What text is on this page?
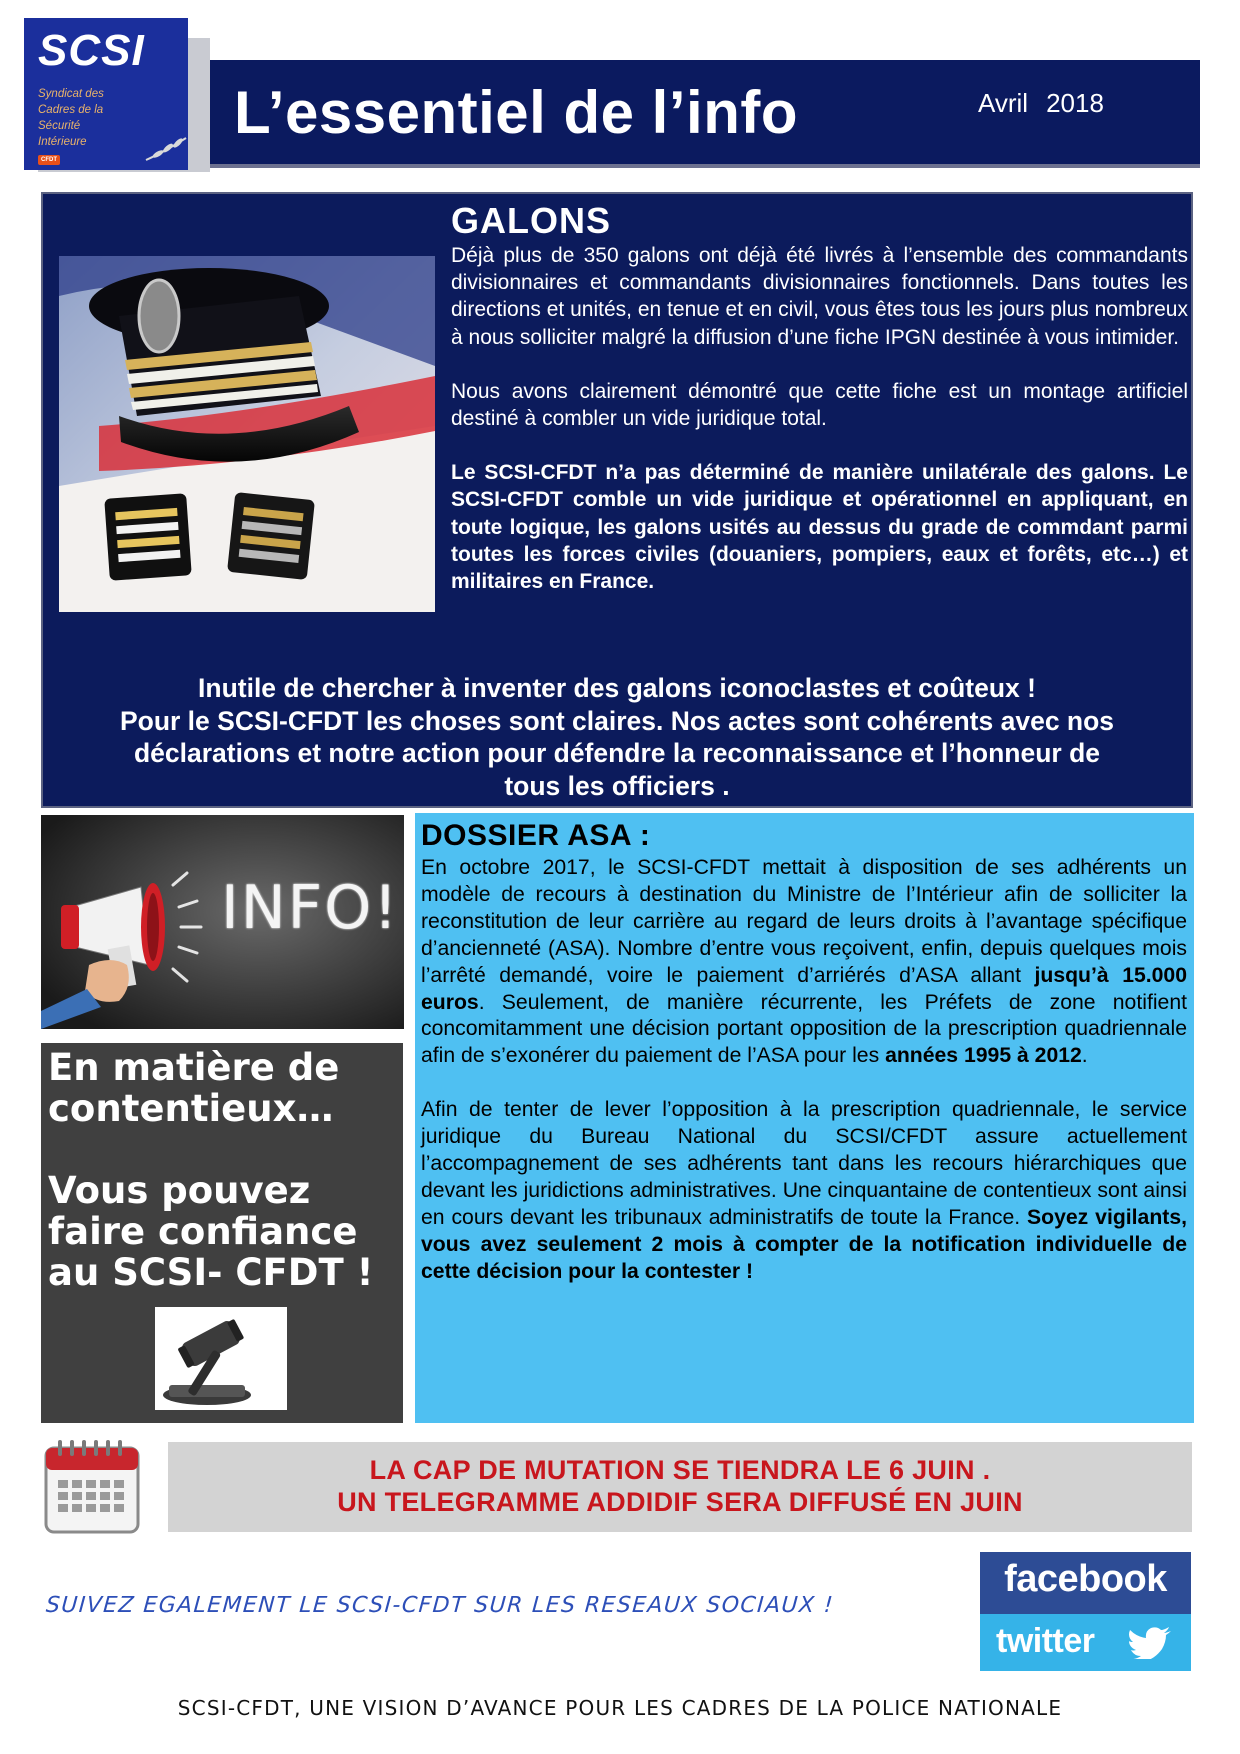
SCSI
Syndicat des
Cadres de la
Sécurité
Intérieure
CFDT
L’essentiel de l’info	Avril 2018
GALONS

Déjà plus de 350 galons ont déjà été livrés à l’ensemble des commandants divisionnaires et commandants divisionnaires fonctionnels. Dans toutes les directions et unités, en tenue et en civil, vous êtes tous les jours plus nombreux à nous solliciter malgré la diffusion d’une fiche IPGN destinée à vous intimider.

Nous avons clairement démontré que cette fiche est un montage artificiel destiné à combler un vide juridique total.

Le SCSI-CFDT n’a pas déterminé de manière unilatérale des galons. Le SCSI-CFDT comble un vide juridique et opérationnel en appliquant, en toute logique, les galons usités au dessus du grade de commdant parmi toutes les forces civiles (douaniers, pompiers, eaux et forêts, etc…) et militaires en France.

Inutile de chercher à inventer des galons iconoclastes et coûteux !
Pour le SCSI-CFDT les choses sont claires. Nos actes sont cohérents avec nos
déclarations et notre action pour défendre la reconnaissance et l’honneur de
tous les officiers .
INFO!
En matière de
contentieux…
Vous pouvez
faire confiance
au SCSI- CFDT !
DOSSIER ASA :

En octobre 2017, le SCSI-CFDT mettait à disposition de ses adhérents un modèle de recours à destination du Ministre de l’Intérieur afin de solliciter la reconstitution de leur carrière au regard de leurs droits à l’avantage spécifique d’ancienneté (ASA). Nombre d’entre vous reçoivent, enfin, depuis quelques mois l’arrêté demandé, voire le paiement d’arriérés d’ASA allant jusqu’à 15.000 euros. Seulement, de manière récurrente, les Préfets de zone notifient concomitamment une décision portant opposition de la prescription quadriennale afin de s’exonérer du paiement de l’ASA pour les années 1995 à 2012.

Afin de tenter de lever l’opposition à la prescription quadriennale, le service juridique du Bureau National du SCSI/CFDT assure actuellement l’accompagnement de ses adhérents tant dans les recours hiérarchiques que devant les juridictions administratives. Une cinquantaine de contentieux sont ainsi en cours devant les tribunaux administratifs de toute la France. Soyez vigilants, vous avez seulement 2 mois à compter de la notification individuelle de cette décision pour la contester !

LA CAP DE MUTATION SE TIENDRA LE 6 JUIN .
UN TELEGRAMME ADDIDIF SERA DIFFUSÉ EN JUIN
SUIVEZ EGALEMENT LE SCSI-CFDT SUR LES RESEAUX SOCIAUX !
facebook
twitter
SCSI-CFDT, UNE VISION D’AVANCE POUR LES CADRES DE LA POLICE NATIONALE
